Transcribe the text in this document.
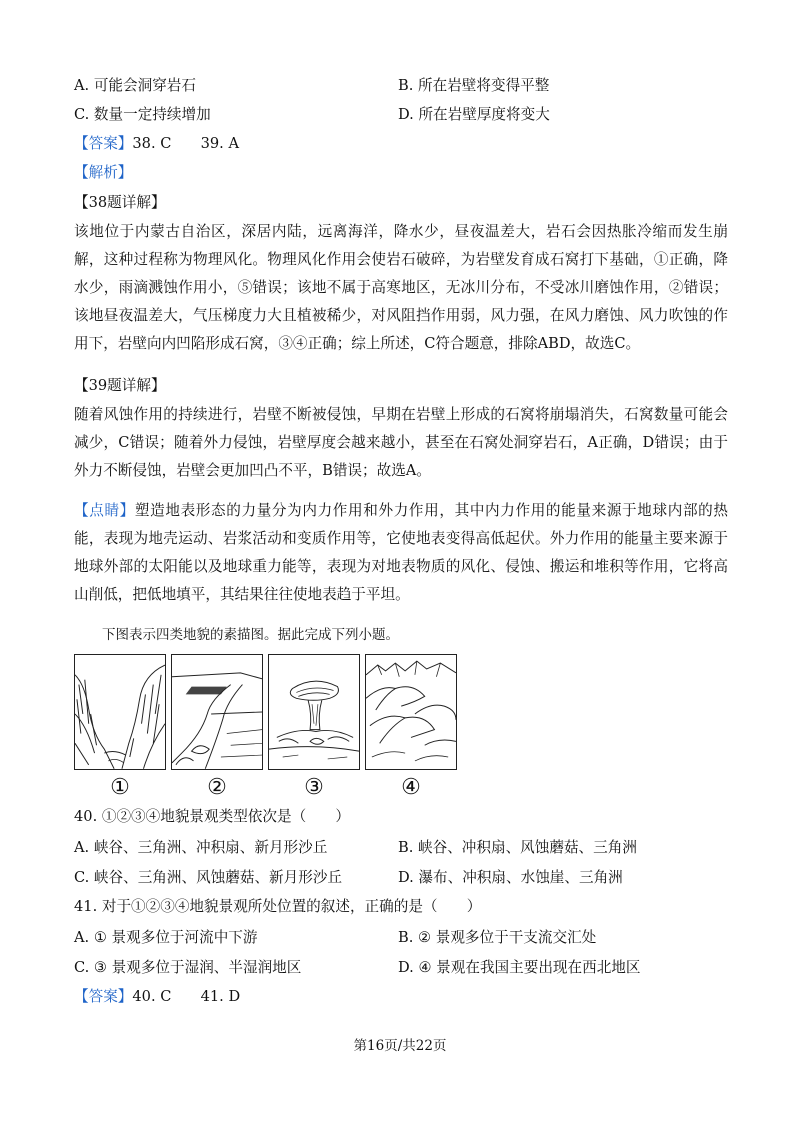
A. 可能会洞穿岩石	B. 所在岩壁将变得平整
C. 数量一定持续增加	D. 所在岩壁厚度将变大
【答案】38. C　　39. A
【解析】
【38题详解】
该地位于内蒙古自治区，深居内陆，远离海洋，降水少，昼夜温差大，岩石会因热胀冷缩而发生崩解，这种过程称为物理风化。物理风化作用会使岩石破碎，为岩壁发育成石窝打下基础，①正确，降水少，雨滴溅蚀作用小，⑤错误；该地不属于高寒地区，无冰川分布，不受冰川磨蚀作用，②错误；该地昼夜温差大，气压梯度力大且植被稀少，对风阻挡作用弱，风力强，在风力磨蚀、风力吹蚀的作用下，岩壁向内凹陷形成石窝，③④正确；综上所述，C符合题意，排除ABD，故选C。
【39题详解】
随着风蚀作用的持续进行，岩壁不断被侵蚀，早期在岩壁上形成的石窝将崩塌消失，石窝数量可能会减少，C错误；随着外力侵蚀，岩壁厚度会越来越小，甚至在石窝处洞穿岩石，A正确，D错误；由于外力不断侵蚀，岩壁会更加凹凸不平，B错误；故选A。
【点睛】塑造地表形态的力量分为内力作用和外力作用，其中内力作用的能量来源于地球内部的热能，表现为地壳运动、岩浆活动和变质作用等，它使地表变得高低起伏。外力作用的能量主要来源于地球外部的太阳能以及地球重力能等，表现为对地表物质的风化、侵蚀、搬运和堆积等作用，它将高山削低，把低地填平，其结果往往使地表趋于平坦。
下图表示四类地貌的素描图。据此完成下列小题。
①	②	③	④
40. ①②③④地貌景观类型依次是（　　）
A. 峡谷、三角洲、冲积扇、新月形沙丘	B. 峡谷、冲积扇、风蚀蘑菇、三角洲
C. 峡谷、三角洲、风蚀蘑菇、新月形沙丘	D. 瀑布、冲积扇、水蚀崖、三角洲
41. 对于①②③④地貌景观所处位置的叙述，正确的是（　　）
A. ① 景观多位于河流中下游	B. ② 景观多位于干支流交汇处
C. ③ 景观多位于湿润、半湿润地区	D. ④ 景观在我国主要出现在西北地区
【答案】40. C　　41. D
第16页/共22页
